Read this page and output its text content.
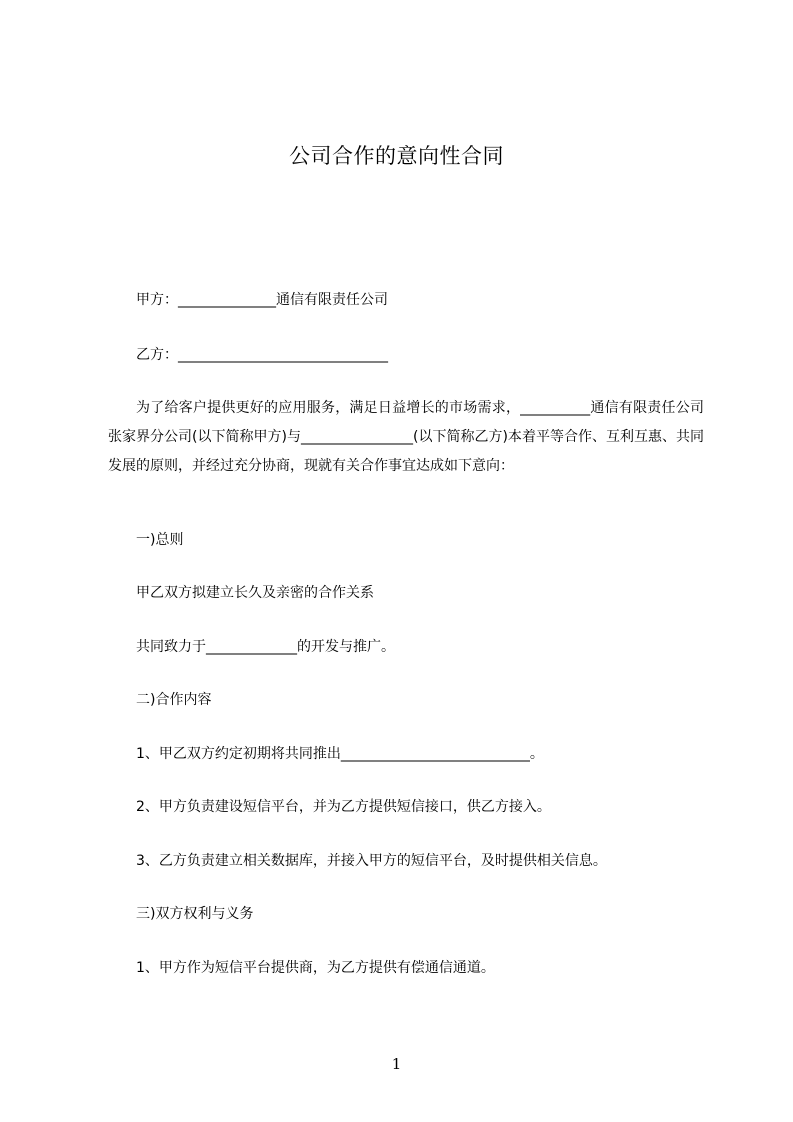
公司合作的意向性合同
甲方：______________通信有限责任公司
乙方：______________________________

为了给客户提供更好的应用服务，满足日益增长的市场需求，__________通信有限责任公司张家界分公司(以下简称甲方)与________________(以下简称乙方)本着平等合作、互利互惠、共同发展的原则，并经过充分协商，现就有关合作事宜达成如下意向：

一)总则
甲乙双方拟建立长久及亲密的合作关系
共同致力于_____________的开发与推广。
二)合作内容
1、甲乙双方约定初期将共同推出___________________________。
2、甲方负责建设短信平台，并为乙方提供短信接口，供乙方接入。
3、乙方负责建立相关数据库，并接入甲方的短信平台，及时提供相关信息。
三)双方权利与义务
1、甲方作为短信平台提供商，为乙方提供有偿通信通道。
1
